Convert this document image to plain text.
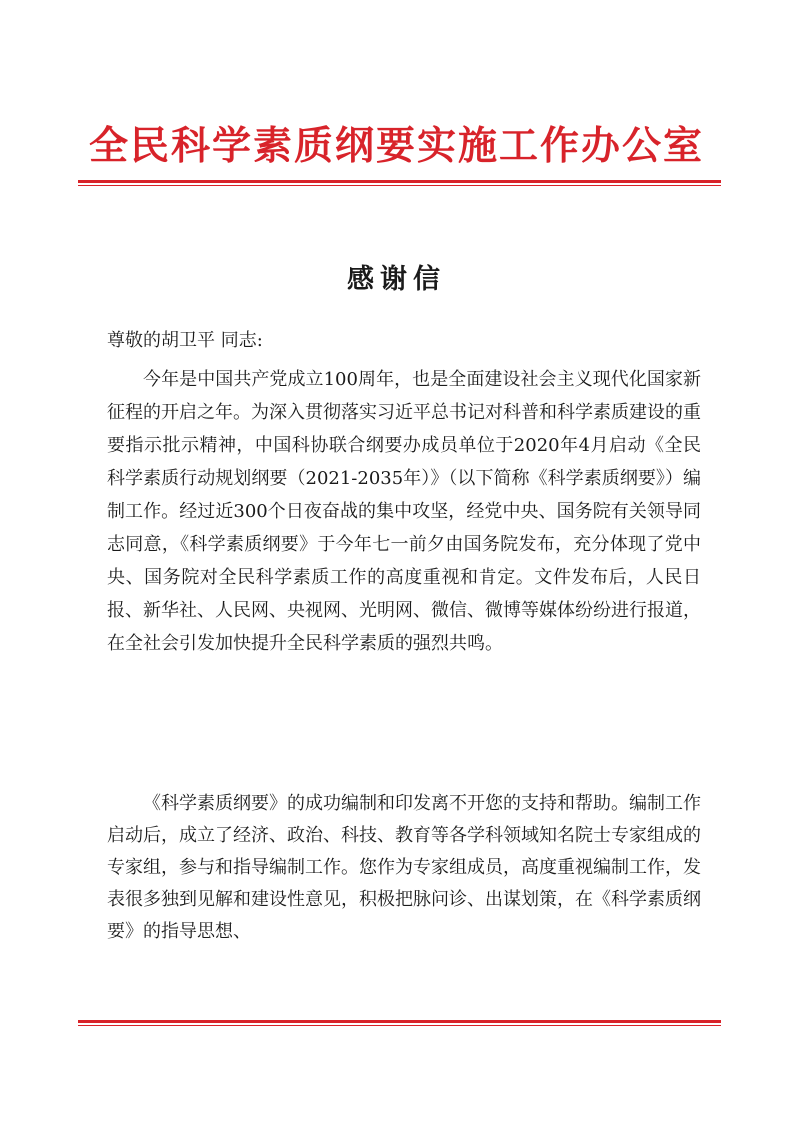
全民科学素质纲要实施工作办公室
感谢信
尊敬的胡卫平 同志:

今年是中国共产党成立100周年，也是全面建设社会主义现代化国家新征程的开启之年。为深入贯彻落实习近平总书记对科普和科学素质建设的重要指示批示精神，中国科协联合纲要办成员单位于2020年4月启动《全民科学素质行动规划纲要（2021-2035年）》（以下简称《科学素质纲要》）编制工作。经过近300个日夜奋战的集中攻坚，经党中央、国务院有关领导同志同意，《科学素质纲要》于今年七一前夕由国务院发布，充分体现了党中央、国务院对全民科学素质工作的高度重视和肯定。文件发布后，人民日报、新华社、人民网、央视网、光明网、微信、微博等媒体纷纷进行报道，在全社会引发加快提升全民科学素质的强烈共鸣。

《科学素质纲要》的成功编制和印发离不开您的支持和帮助。编制工作启动后，成立了经济、政治、科技、教育等各学科领域知名院士专家组成的专家组，参与和指导编制工作。您作为专家组成员，高度重视编制工作，发表很多独到见解和建设性意见，积极把脉问诊、出谋划策，在《科学素质纲要》的指导思想、
